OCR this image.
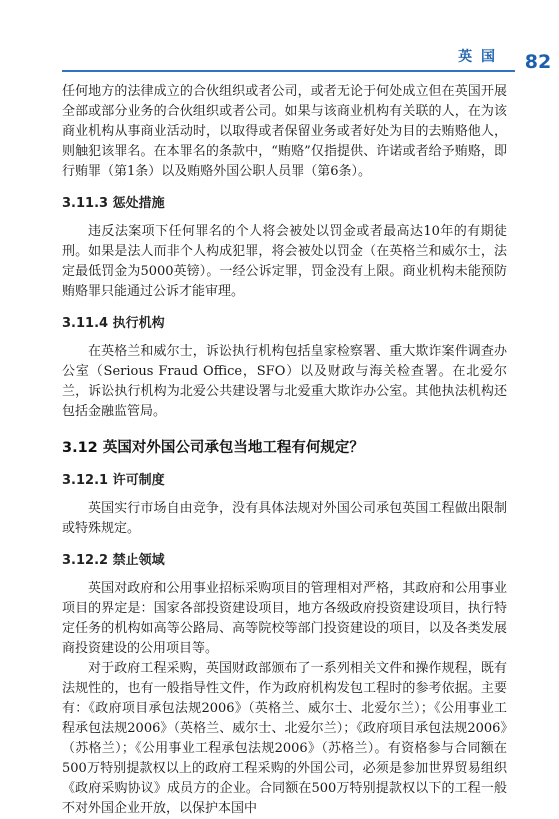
英 国	82

任何地方的法律成立的合伙组织或者公司，或者无论于何处成立但在英国开展全部或部分业务的合伙组织或者公司。如果与该商业机构有关联的人，在为该商业机构从事商业活动时，以取得或者保留业务或者好处为目的去贿赂他人，则触犯该罪名。在本罪名的条款中，“贿赂”仅指提供、许诺或者给予贿赂，即行贿罪（第1条）以及贿赂外国公职人员罪（第6条）。

3.11.3 惩处措施

违反法案项下任何罪名的个人将会被处以罚金或者最高达10年的有期徒刑。如果是法人而非个人构成犯罪，将会被处以罚金（在英格兰和威尔士，法定最低罚金为5000英镑）。一经公诉定罪，罚金没有上限。商业机构未能预防贿赂罪只能通过公诉才能审理。

3.11.4 执行机构

在英格兰和威尔士，诉讼执行机构包括皇家检察署、重大欺诈案件调查办公室（Serious Fraud Office，SFO）以及财政与海关检查署。在北爱尔兰，诉讼执行机构为北爱公共建设署与北爱重大欺诈办公室。其他执法机构还包括金融监管局。

3.12 英国对外国公司承包当地工程有何规定？
3.12.1 许可制度

英国实行市场自由竞争，没有具体法规对外国公司承包英国工程做出限制或特殊规定。

3.12.2 禁止领域

英国对政府和公用事业招标采购项目的管理相对严格，其政府和公用事业项目的界定是：国家各部投资建设项目，地方各级政府投资建设项目，执行特定任务的机构如高等公路局、高等院校等部门投资建设的项目，以及各类发展商投资建设的公用项目等。

对于政府工程采购，英国财政部颁布了一系列相关文件和操作规程，既有法规性的，也有一般指导性文件，作为政府机构发包工程时的参考依据。主要有：《政府项目承包法规2006》（英格兰、威尔士、北爱尔兰）；《公用事业工程承包法规2006》（英格兰、威尔士、北爱尔兰）；《政府项目承包法规2006》（苏格兰）；《公用事业工程承包法规2006》（苏格兰）。有资格参与合同额在500万特别提款权以上的政府工程采购的外国公司，必须是参加世界贸易组织《政府采购协议》成员方的企业。合同额在500万特别提款权以下的工程一般不对外国企业开放，以保护本国中
